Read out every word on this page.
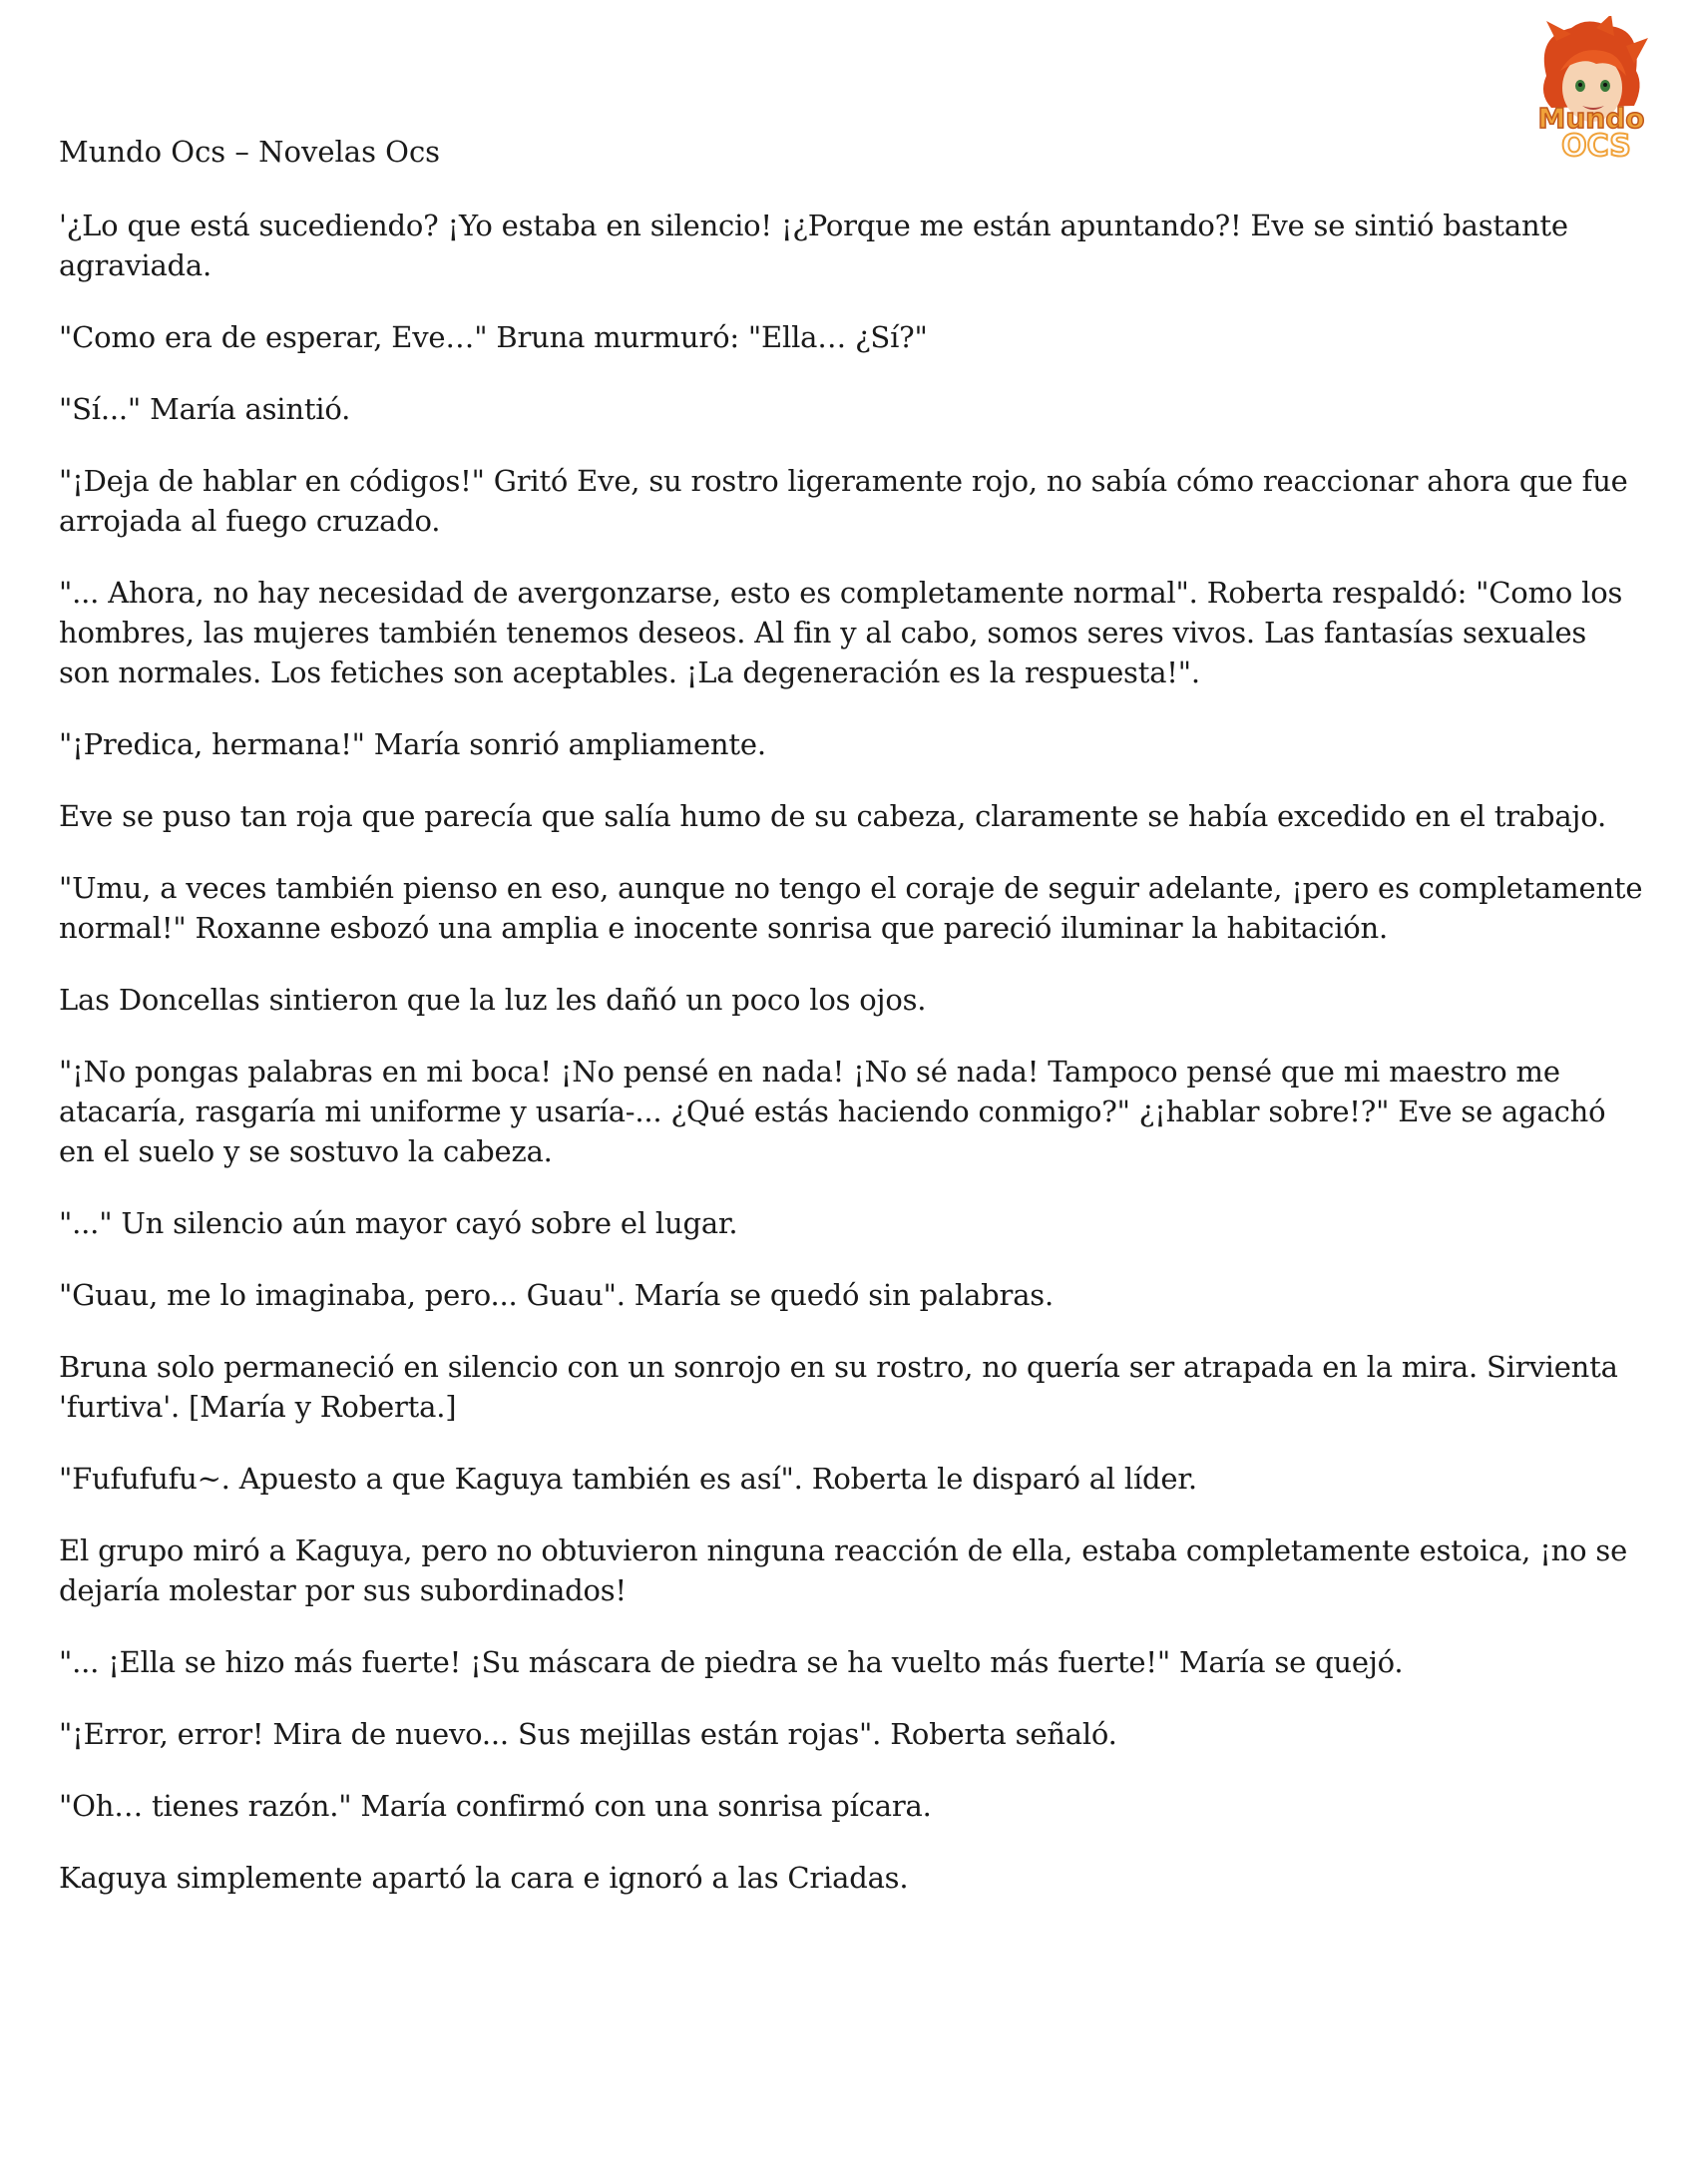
Mundo
OCS
Mundo Ocs – Novelas Ocs

'¿Lo que está sucediendo? ¡Yo estaba en silencio! ¡¿Porque me están apuntando?! Eve se sintió bastante agraviada.

"Como era de esperar, Eve…" Bruna murmuró: "Ella… ¿Sí?"

"Sí..." María asintió.

"¡Deja de hablar en códigos!" Gritó Eve, su rostro ligeramente rojo, no sabía cómo reaccionar ahora que fue arrojada al fuego cruzado.

"... Ahora, no hay necesidad de avergonzarse, esto es completamente normal". Roberta respaldó: "Como los hombres, las mujeres también tenemos deseos. Al fin y al cabo, somos seres vivos. Las fantasías sexuales son normales. Los fetiches son aceptables. ¡La degeneración es la respuesta!".

"¡Predica, hermana!" María sonrió ampliamente.

Eve se puso tan roja que parecía que salía humo de su cabeza, claramente se había excedido en el trabajo.

"Umu, a veces también pienso en eso, aunque no tengo el coraje de seguir adelante, ¡pero es completamente normal!" Roxanne esbozó una amplia e inocente sonrisa que pareció iluminar la habitación.

Las Doncellas sintieron que la luz les dañó un poco los ojos.

"¡No pongas palabras en mi boca! ¡No pensé en nada! ¡No sé nada! Tampoco pensé que mi maestro me atacaría, rasgaría mi uniforme y usaría-... ¿Qué estás haciendo conmigo?" ¿¡hablar sobre!?" Eve se agachó en el suelo y se sostuvo la cabeza.

"..." Un silencio aún mayor cayó sobre el lugar.

"Guau, me lo imaginaba, pero... Guau". María se quedó sin palabras.

Bruna solo permaneció en silencio con un sonrojo en su rostro, no quería ser atrapada en la mira. Sirvienta 'furtiva'. [María y Roberta.]

"Fufufufu~. Apuesto a que Kaguya también es así". Roberta le disparó al líder.

El grupo miró a Kaguya, pero no obtuvieron ninguna reacción de ella, estaba completamente estoica, ¡no se dejaría molestar por sus subordinados!

"... ¡Ella se hizo más fuerte! ¡Su máscara de piedra se ha vuelto más fuerte!" María se quejó.

"¡Error, error! Mira de nuevo... Sus mejillas están rojas". Roberta señaló.

"Oh… tienes razón." María confirmó con una sonrisa pícara.

Kaguya simplemente apartó la cara e ignoró a las Criadas.
